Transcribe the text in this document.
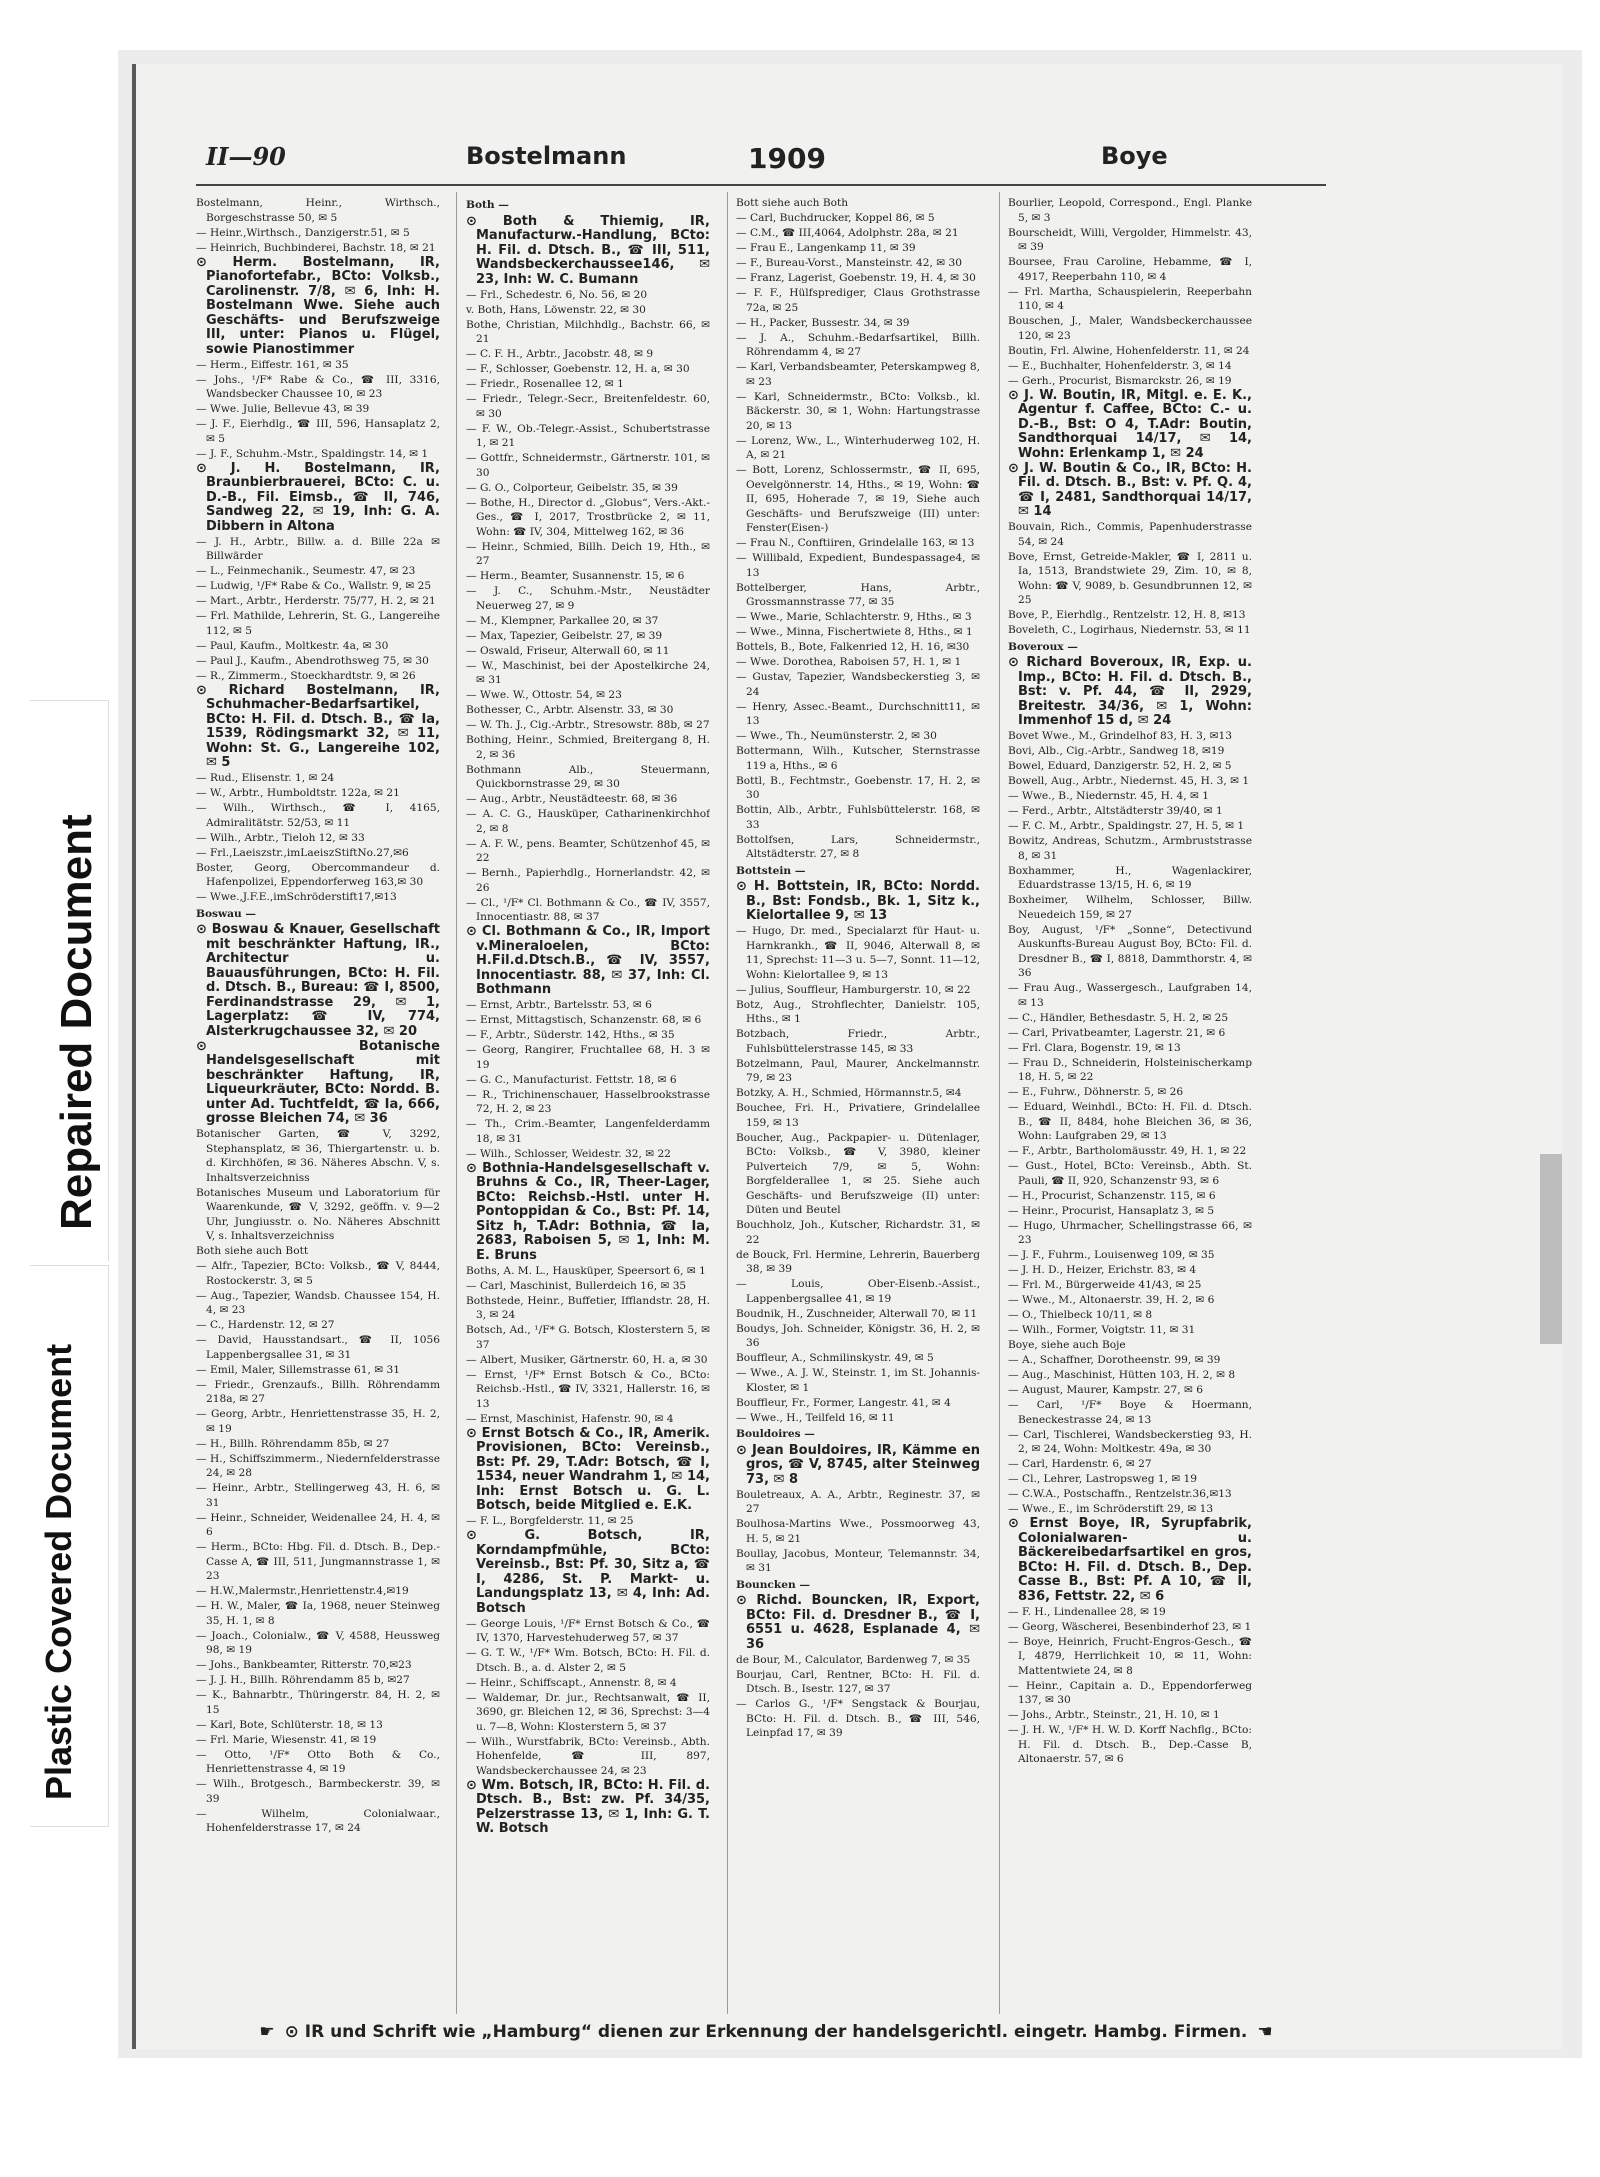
Plastic Covered Document
Repaired Document
II—90	Bostelmann	1909	Boye
Bostelmann, Heinr., Wirthsch., Borgeschstrasse 50, ✉ 5
— Heinr.,Wirthsch., Danzigerstr.51, ✉ 5
— Heinrich, Buchbinderei, Bachstr. 18, ✉ 21
⊙ Herm. Bostelmann, IR, Pianofortefabr., BCto: Volksb., Carolinenstr. 7/8, ✉ 6, Inh: H. Bostelmann Wwe. Siehe auch Geschäfts- und Berufszweige III, unter: Pianos u. Flügel, sowie Pianostimmer
— Herm., Eiffestr. 161, ✉ 35
— Johs., ¹/F* Rabe & Co., ☎ III, 3316, Wandsbecker Chaussee 10, ✉ 23
— Wwe. Julie, Bellevue 43, ✉ 39
— J. F., Eierhdlg., ☎ III, 596, Hansaplatz 2, ✉ 5
— J. F., Schuhm.-Mstr., Spaldingstr. 14, ✉ 1
⊙ J. H. Bostelmann, IR, Braunbierbrauerei, BCto: C. u. D.-B., Fil. Eimsb., ☎ II, 746, Sandweg 22, ✉ 19, Inh: G. A. Dibbern in Altona
— J. H., Arbtr., Billw. a. d. Bille 22a ✉ Billwärder
— L., Feinmechanik., Seumestr. 47, ✉ 23
— Ludwig, ¹/F* Rabe & Co., Wallstr. 9, ✉ 25
— Mart., Arbtr., Herderstr. 75/77, H. 2, ✉ 21
— Frl. Mathilde, Lehrerin, St. G., Langereihe 112, ✉ 5
— Paul, Kaufm., Moltkestr. 4a, ✉ 30
— Paul J., Kaufm., Abendrothsweg 75, ✉ 30
— R., Zimmerm., Stoeckhardtstr. 9, ✉ 26
⊙ Richard Bostelmann, IR, Schuhmacher-Bedarfsartikel, BCto: H. Fil. d. Dtsch. B., ☎ Ia, 1539, Rödingsmarkt 32, ✉ 11, Wohn: St. G., Langereihe 102, ✉ 5
— Rud., Elisenstr. 1, ✉ 24
— W., Arbtr., Humboldtstr. 122a, ✉ 21
— Wilh., Wirthsch., ☎ I, 4165, Admiralitätstr. 52/53, ✉ 11
— Wilh., Arbtr., Tieloh 12, ✉ 33
— Frl.,Laeiszstr.,imLaeiszStiftNo.27,✉6
Boster, Georg, Obercommandeur d. Hafenpolizei, Eppendorferweg 163,✉ 30
— Wwe.,J.F.E.,imSchröderstift17,✉13
Boswau —
⊙ Boswau & Knauer, Gesellschaft mit beschränkter Haftung, IR., Architectur u. Bauausführungen, BCto: H. Fil. d. Dtsch. B., Bureau: ☎ I, 8500, Ferdinandstrasse 29, ✉ 1, Lagerplatz: ☎ IV, 774, Alsterkrugchaussee 32, ✉ 20
⊙ Botanische Handelsgesellschaft mit beschränkter Haftung, IR, Liqueurkräuter, BCto: Nordd. B. unter Ad. Tuchtfeldt, ☎ Ia, 666, grosse Bleichen 74, ✉ 36
Botanischer Garten, ☎ V, 3292, Stephansplatz, ✉ 36, Thiergartenstr. u. b. d. Kirchhöfen, ✉ 36. Näheres Abschn. V, s. Inhaltsverzeichniss
Botanisches Museum und Laboratorium für Waarenkunde, ☎ V, 3292, geöffn. v. 9—2 Uhr, Jungiusstr. o. No. Näheres Abschnitt V, s. Inhaltsverzeichniss
Both siehe auch Bott
— Alfr., Tapezier, BCto: Volksb., ☎ V, 8444, Rostockerstr. 3, ✉ 5
— Aug., Tapezier, Wandsb. Chaussee 154, H. 4, ✉ 23
— C., Hardenstr. 12, ✉ 27
— David, Hausstandsart., ☎ II, 1056 Lappenbergsallee 31, ✉ 31
— Emil, Maler, Sillemstrasse 61, ✉ 31
— Friedr., Grenzaufs., Billh. Röhrendamm 218a, ✉ 27
— Georg, Arbtr., Henriettenstrasse 35, H. 2, ✉ 19
— H., Billh. Röhrendamm 85b, ✉ 27
— H., Schiffszimmerm., Niedernfelderstrasse 24, ✉ 28
— Heinr., Arbtr., Stellingerweg 43, H. 6, ✉ 31
— Heinr., Schneider, Weidenallee 24, H. 4, ✉ 6
— Herm., BCto: Hbg. Fil. d. Dtsch. B., Dep.-Casse A, ☎ III, 511, Jungmannstrasse 1, ✉ 23
— H.W.,Malermstr.,Henriettenstr.4,✉19
— H. W., Maler, ☎ Ia, 1968, neuer Steinweg 35, H. 1, ✉ 8
— Joach., Colonialw., ☎ V, 4588, Heussweg 98, ✉ 19
— Johs., Bankbeamter, Ritterstr. 70,✉23
— J. J. H., Billh. Röhrendamm 85 b, ✉27
— K., Bahnarbtr., Thüringerstr. 84, H. 2, ✉ 15
— Karl, Bote, Schlüterstr. 18, ✉ 13
— Frl. Marie, Wiesenstr. 41, ✉ 19
— Otto, ¹/F* Otto Both & Co., Henriettenstrasse 4, ✉ 19
— Wilh., Brotgesch., Barmbeckerstr. 39, ✉ 39
— Wilhelm, Colonialwaar., Hohenfelderstrasse 17, ✉ 24
Both —
⊙ Both & Thiemig, IR, Manufacturw.-Handlung, BCto: H. Fil. d. Dtsch. B., ☎ III, 511, Wandsbeckerchaussee146, ✉ 23, Inh: W. C. Bumann
— Frl., Schedestr. 6, No. 56, ✉ 20
v. Both, Hans, Löwenstr. 22, ✉ 30
Bothe, Christian, Milchhdlg., Bachstr. 66, ✉ 21
— C. F. H., Arbtr., Jacobstr. 48, ✉ 9
— F., Schlosser, Goebenstr. 12, H. a, ✉ 30
— Friedr., Rosenallee 12, ✉ 1
— Friedr., Telegr.-Secr., Breitenfeldestr. 60, ✉ 30
— F. W., Ob.-Telegr.-Assist., Schubertstrasse 1, ✉ 21
— Gottfr., Schneidermstr., Gärtnerstr. 101, ✉ 30
— G. O., Colporteur, Geibelstr. 35, ✉ 39
— Bothe, H., Director d. „Globus“, Vers.-Akt.-Ges., ☎ I, 2017, Trostbrücke 2, ✉ 11, Wohn: ☎ IV, 304, Mittelweg 162, ✉ 36
— Heinr., Schmied, Billh. Deich 19, Hth., ✉ 27
— Herm., Beamter, Susannenstr. 15, ✉ 6
— J. C., Schuhm.-Mstr., Neustädter Neuerweg 27, ✉ 9
— M., Klempner, Parkallee 20, ✉ 37
— Max, Tapezier, Geibelstr. 27, ✉ 39
— Oswald, Friseur, Alterwall 60, ✉ 11
— W., Maschinist, bei der Apostelkirche 24, ✉ 31
— Wwe. W., Ottostr. 54, ✉ 23
Bothesser, C., Arbtr. Alsenstr. 33, ✉ 30
— W. Th. J., Cig.-Arbtr., Stresowstr. 88b, ✉ 27
Bothing, Heinr., Schmied, Breitergang 8, H. 2, ✉ 36
Bothmann Alb., Steuermann, Quickbornstrasse 29, ✉ 30
— Aug., Arbtr., Neustädteestr. 68, ✉ 36
— A. C. G., Hausküper, Catharinenkirchhof 2, ✉ 8
— A. F. W., pens. Beamter, Schützenhof 45, ✉ 22
— Bernh., Papierhdlg., Hornerlandstr. 42, ✉ 26
— Cl., ¹/F* Cl. Bothmann & Co., ☎ IV, 3557, Innocentiastr. 88, ✉ 37
⊙ Cl. Bothmann & Co., IR, Import v.Mineraloelen, BCto: H.Fil.d.Dtsch.B., ☎ IV, 3557, Innocentiastr. 88, ✉ 37, Inh: Cl. Bothmann
— Ernst, Arbtr., Bartelsstr. 53, ✉ 6
— Ernst, Mittagstisch, Schanzenstr. 68, ✉ 6
— F., Arbtr., Süderstr. 142, Hths., ✉ 35
— Georg, Rangirer, Fruchtallee 68, H. 3 ✉ 19
— G. C., Manufacturist. Fettstr. 18, ✉ 6
— R., Trichinenschauer, Hasselbrookstrasse 72, H. 2, ✉ 23
— Th., Crim.-Beamter, Langenfelderdamm 18, ✉ 31
— Wilh., Schlosser, Weidestr. 32, ✉ 22
⊙ Bothnia-Handelsgesellschaft v. Bruhns & Co., IR, Theer-Lager, BCto: Reichsb.-Hstl. unter H. Pontoppidan & Co., Bst: Pf. 14, Sitz h, T.Adr: Bothnia, ☎ Ia, 2683, Raboisen 5, ✉ 1, Inh: M. E. Bruns
Boths, A. M. L., Hausküper, Speersort 6, ✉ 1
— Carl, Maschinist, Bullerdeich 16, ✉ 35
Bothstede, Heinr., Buffetier, Ifflandstr. 28, H. 3, ✉ 24
Botsch, Ad., ¹/F* G. Botsch, Klosterstern 5, ✉ 37
— Albert, Musiker, Gärtnerstr. 60, H. a, ✉ 30
— Ernst, ¹/F* Ernst Botsch & Co., BCto: Reichsb.-Hstl., ☎ IV, 3321, Hallerstr. 16, ✉ 13
— Ernst, Maschinist, Hafenstr. 90, ✉ 4
⊙ Ernst Botsch & Co., IR, Amerik. Provisionen, BCto: Vereinsb., Bst: Pf. 29, T.Adr: Botsch, ☎ I, 1534, neuer Wandrahm 1, ✉ 14, Inh: Ernst Botsch u. G. L. Botsch, beide Mitglied e. E.K.
— F. L., Borgfelderstr. 11, ✉ 25
⊙ G. Botsch, IR, Korndampfmühle, BCto: Vereinsb., Bst: Pf. 30, Sitz a, ☎ I, 4286, St. P. Markt- u. Landungsplatz 13, ✉ 4, Inh: Ad. Botsch
— George Louis, ¹/F* Ernst Botsch & Co., ☎ IV, 1370, Harvestehuderweg 57, ✉ 37
— G. T. W., ¹/F* Wm. Botsch, BCto: H. Fil. d. Dtsch. B., a. d. Alster 2, ✉ 5
— Heinr., Schiffscapt., Annenstr. 8, ✉ 4
— Waldemar, Dr. jur., Rechtsanwalt, ☎ II, 3690, gr. Bleichen 12, ✉ 36, Sprechst: 3—4 u. 7—8, Wohn: Klosterstern 5, ✉ 37
— Wilh., Wurstfabrik, BCto: Vereinsb., Abth. Hohenfelde, ☎ III, 897, Wandsbeckerchaussee 24, ✉ 23
⊙ Wm. Botsch, IR, BCto: H. Fil. d. Dtsch. B., Bst: zw. Pf. 34/35, Pelzerstrasse 13, ✉ 1, Inh: G. T. W. Botsch
Bott siehe auch Both
— Carl, Buchdrucker, Koppel 86, ✉ 5
— C.M., ☎ III,4064, Adolphstr. 28a, ✉ 21
— Frau E., Langenkamp 11, ✉ 39
— F., Bureau-Vorst., Mansteinstr. 42, ✉ 30
— Franz, Lagerist, Goebenstr. 19, H. 4, ✉ 30
— F. F., Hülfsprediger, Claus Grothstrasse 72a, ✉ 25
— H., Packer, Bussestr. 34, ✉ 39
— J. A., Schuhm.-Bedarfsartikel, Billh. Röhrendamm 4, ✉ 27
— Karl, Verbandsbeamter, Peterskampweg 8, ✉ 23
— Karl, Schneidermstr., BCto: Volksb., kl. Bäckerstr. 30, ✉ 1, Wohn: Hartungstrasse 20, ✉ 13
— Lorenz, Ww., L., Winterhuderweg 102, H. A, ✉ 21
— Bott, Lorenz, Schlossermstr., ☎ II, 695, Oevelgönnerstr. 14, Hths., ✉ 19, Wohn: ☎ II, 695, Hoherade 7, ✉ 19, Siehe auch Geschäfts- und Berufszweige (III) unter: Fenster(Eisen-)
— Frau N., Conftiiren, Grindelalle 163, ✉ 13
— Willibald, Expedient, Bundespassage4, ✉ 13
Bottelberger, Hans, Arbtr., Grossmannstrasse 77, ✉ 35
— Wwe., Marie, Schlachterstr. 9, Hths., ✉ 3
— Wwe., Minna, Fischertwiete 8, Hths., ✉ 1
Bottels, B., Bote, Falkenried 12, H. 16, ✉30
— Wwe. Dorothea, Raboisen 57, H. 1, ✉ 1
— Gustav, Tapezier, Wandsbeckerstieg 3, ✉ 24
— Henry, Assec.-Beamt., Durchschnitt11, ✉ 13
— Wwe., Th., Neumünsterstr. 2, ✉ 30
Bottermann, Wilh., Kutscher, Sternstrasse 119 a, Hths., ✉ 6
Bottl, B., Fechtmstr., Goebenstr. 17, H. 2, ✉ 30
Bottin, Alb., Arbtr., Fuhlsbüttelerstr. 168, ✉ 33
Bottolfsen, Lars, Schneidermstr., Altstädterstr. 27, ✉ 8
Bottstein —
⊙ H. Bottstein, IR, BCto: Nordd. B., Bst: Fondsb., Bk. 1, Sitz k., Kielortallee 9, ✉ 13
— Hugo, Dr. med., Specialarzt für Haut- u. Harnkrankh., ☎ II, 9046, Alterwall 8, ✉ 11, Sprechst: 11—3 u. 5—7, Sonnt. 11—12, Wohn: Kielortallee 9, ✉ 13
— Julius, Souffleur, Hamburgerstr. 10, ✉ 22
Botz, Aug., Strohflechter, Danielstr. 105, Hths., ✉ 1
Botzbach, Friedr., Arbtr., Fuhlsbüttelerstrasse 145, ✉ 33
Botzelmann, Paul, Maurer, Anckelmannstr. 79, ✉ 23
Botzky, A. H., Schmied, Hörmannstr.5, ✉4
Bouchee, Fri. H., Privatiere, Grindelallee 159, ✉ 13
Boucher, Aug., Packpapier- u. Dütenlager, BCto: Volksb., ☎ V, 3980, kleiner Pulverteich 7/9, ✉ 5, Wohn: Borgfelderallee 1, ✉ 25. Siehe auch Geschäfts- und Berufszweige (II) unter: Düten und Beutel
Bouchholz, Joh., Kutscher, Richardstr. 31, ✉ 22
de Bouck, Frl. Hermine, Lehrerin, Bauerberg 38, ✉ 39
— Louis, Ober-Eisenb.-Assist., Lappenbergsallee 41, ✉ 19
Boudnik, H., Zuschneider, Alterwall 70, ✉ 11
Boudys, Joh. Schneider, Königstr. 36, H. 2, ✉ 36
Bouffleur, A., Schmilinskystr. 49, ✉ 5
— Wwe., A. J. W., Steinstr. 1, im St. Johannis-Kloster, ✉ 1
Bouffleur, Fr., Former, Langestr. 41, ✉ 4
— Wwe., H., Teilfeld 16, ✉ 11
Bouldoires —
⊙ Jean Bouldoires, IR, Kämme en gros, ☎ V, 8745, alter Steinweg 73, ✉ 8
Bouletreaux, A. A., Arbtr., Reginestr. 37, ✉ 27
Boulhosa-Martins Wwe., Possmoorweg 43, H. 5, ✉ 21
Boullay, Jacobus, Monteur, Telemannstr. 34, ✉ 31
Bouncken —
⊙ Richd. Bouncken, IR, Export, BCto: Fil. d. Dresdner B., ☎ I, 6551 u. 4628, Esplanade 4, ✉ 36
de Bour, M., Calculator, Bardenweg 7, ✉ 35
Bourjau, Carl, Rentner, BCto: H. Fil. d. Dtsch. B., Isestr. 127, ✉ 37
— Carlos G., ¹/F* Sengstack & Bourjau, BCto: H. Fil. d. Dtsch. B., ☎ III, 546, Leinpfad 17, ✉ 39
Bourlier, Leopold, Correspond., Engl. Planke 5, ✉ 3
Bourscheidt, Willi, Vergolder, Himmelstr. 43, ✉ 39
Boursee, Frau Caroline, Hebamme, ☎ I, 4917, Reeperbahn 110, ✉ 4
— Frl. Martha, Schauspielerin, Reeperbahn 110, ✉ 4
Bouschen, J., Maler, Wandsbeckerchaussee 120, ✉ 23
Boutin, Frl. Alwine, Hohenfelderstr. 11, ✉ 24
— E., Buchhalter, Hohenfelderstr. 3, ✉ 14
— Gerh., Procurist, Bismarckstr. 26, ✉ 19
⊙ J. W. Boutin, IR, Mitgl. e. E. K., Agentur f. Caffee, BCto: C.- u. D.-B., Bst: O 4, T.Adr: Boutin, Sandthorquai 14/17, ✉ 14, Wohn: Erlenkamp 1, ✉ 24
⊙ J. W. Boutin & Co., IR, BCto: H. Fil. d. Dtsch. B., Bst: v. Pf. Q. 4, ☎ I, 2481, Sandthorquai 14/17, ✉ 14
Bouvain, Rich., Commis, Papenhuderstrasse 54, ✉ 24
Bove, Ernst, Getreide-Makler, ☎ I, 2811 u. Ia, 1513, Brandstwiete 29, Zim. 10, ✉ 8, Wohn: ☎ V, 9089, b. Gesundbrunnen 12, ✉ 25
Bove, P., Eierhdlg., Rentzelstr. 12, H. 8, ✉13
Boveleth, C., Logirhaus, Niedernstr. 53, ✉ 11
Boveroux —
⊙ Richard Boveroux, IR, Exp. u. Imp., BCto: H. Fil. d. Dtsch. B., Bst: v. Pf. 44, ☎ II, 2929, Breitestr. 34/36, ✉ 1, Wohn: Immenhof 15 d, ✉ 24
Bovet Wwe., M., Grindelhof 83, H. 3, ✉13
Bovi, Alb., Cig.-Arbtr., Sandweg 18, ✉19
Bowel, Eduard, Danzigerstr. 52, H. 2, ✉ 5
Bowell, Aug., Arbtr., Niedernst. 45, H. 3, ✉ 1
— Wwe., B., Niedernstr. 45, H. 4, ✉ 1
— Ferd., Arbtr., Altstädterstr 39/40, ✉ 1
— F. C. M., Arbtr., Spaldingstr. 27, H. 5, ✉ 1
Bowitz, Andreas, Schutzm., Armbruststrasse 8, ✉ 31
Boxhammer, H., Wagenlackirer, Eduardstrasse 13/15, H. 6, ✉ 19
Boxheimer, Wilhelm, Schlosser, Billw. Neuedeich 159, ✉ 27
Boy, August, ¹/F* „Sonne“, Detectivund Auskunfts-Bureau August Boy, BCto: Fil. d. Dresdner B., ☎ I, 8818, Dammthorstr. 4, ✉ 36
— Frau Aug., Wassergesch., Laufgraben 14, ✉ 13
— C., Händler, Bethesdastr. 5, H. 2, ✉ 25
— Carl, Privatbeamter, Lagerstr. 21, ✉ 6
— Frl. Clara, Bogenstr. 19, ✉ 13
— Frau D., Schneiderin, Holsteinischerkamp 18, H. 5, ✉ 22
— E., Fuhrw., Döhnerstr. 5, ✉ 26
— Eduard, Weinhdl., BCto: H. Fil. d. Dtsch. B., ☎ II, 8484, hohe Bleichen 36, ✉ 36, Wohn: Laufgraben 29, ✉ 13
— F., Arbtr., Bartholomäusstr. 49, H. 1, ✉ 22
— Gust., Hotel, BCto: Vereinsb., Abth. St. Pauli, ☎ II, 920, Schanzenstr 93, ✉ 6
— H., Procurist, Schanzenstr. 115, ✉ 6
— Heinr., Procurist, Hansaplatz 3, ✉ 5
— Hugo, Uhrmacher, Schellingstrasse 66, ✉ 23
— J. F., Fuhrm., Louisenweg 109, ✉ 35
— J. H. D., Heizer, Erichstr. 83, ✉ 4
— Frl. M., Bürgerweide 41/43, ✉ 25
— Wwe., M., Altonaerstr. 39, H. 2, ✉ 6
— O., Thielbeck 10/11, ✉ 8
— Wilh., Former, Voigtstr. 11, ✉ 31
Boye, siehe auch Boje
— A., Schaffner, Dorotheenstr. 99, ✉ 39
— Aug., Maschinist, Hütten 103, H. 2, ✉ 8
— August, Maurer, Kampstr. 27, ✉ 6
— Carl, ¹/F* Boye & Hoermann, Beneckestrasse 24, ✉ 13
— Carl, Tischlerei, Wandsbeckerstieg 93, H. 2, ✉ 24, Wohn: Moltkestr. 49a, ✉ 30
— Carl, Hardenstr. 6, ✉ 27
— Cl., Lehrer, Lastropsweg 1, ✉ 19
— C.W.A., Postschaffn., Rentzelstr.36,✉13
— Wwe., E., im Schröderstift 29, ✉ 13
⊙ Ernst Boye, IR, Syrupfabrik, Colonialwaren- u. Bäckereibedarfsartikel en gros, BCto: H. Fil. d. Dtsch. B., Dep. Casse B., Bst: Pf. A 10, ☎ II, 836, Fettstr. 22, ✉ 6
— F. H., Lindenallee 28, ✉ 19
— Georg, Wäscherei, Besenbinderhof 23, ✉ 1
— Boye, Heinrich, Frucht-Engros-Gesch., ☎ I, 4879, Herrlichkeit 10, ✉ 11, Wohn: Mattentwiete 24, ✉ 8
— Heinr., Capitain a. D., Eppendorferweg 137, ✉ 30
— Johs., Arbtr., Steinstr., 21, H. 10, ✉ 1
— J. H. W., ¹/F* H. W. D. Korff Nachflg., BCto: H. Fil. d. Dtsch. B., Dep.-Casse B, Altonaerstr. 57, ✉ 6
☛ ⊙ IR und Schrift wie „Hamburg“ dienen zur Erkennung der handelsgerichtl. eingetr. Hambg. Firmen. ☚
